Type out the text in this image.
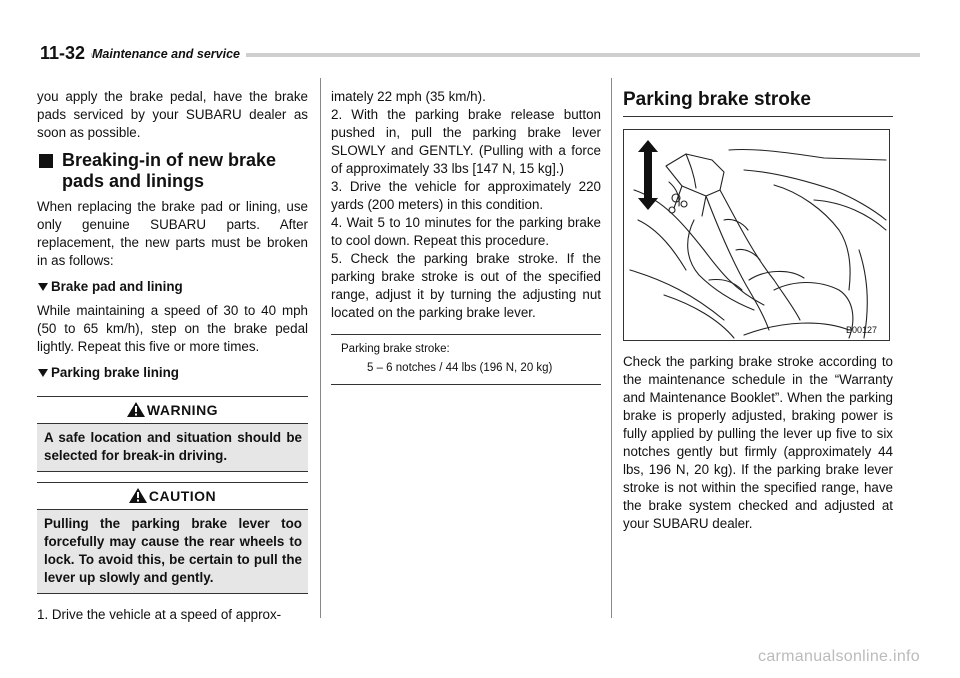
11-32 Maintenance and service

you apply the brake pedal, have the brake pads serviced by your SUBARU dealer as soon as possible.

Breaking-in of new brake pads and linings

When replacing the brake pad or lining, use only genuine SUBARU parts. After replacement, the new parts must be broken in as follows:

Brake pad and lining

While maintaining a speed of 30 to 40 mph (50 to 65 km/h), step on the brake pedal lightly. Repeat this five or more times.

Parking brake lining
WARNING
A safe location and situation should be selected for break-in driving.
CAUTION
Pulling the parking brake lever too forcefully may cause the rear wheels to lock. To avoid this, be certain to pull the lever up slowly and gently.

1. Drive the vehicle at a speed of approx-

imately 22 mph (35 km/h).

2. With the parking brake release button pushed in, pull the parking brake lever SLOWLY and GENTLY. (Pulling with a force of approximately 33 lbs [147 N, 15 kg].)

3. Drive the vehicle for approximately 220 yards (200 meters) in this condition.

4. Wait 5 to 10 minutes for the parking brake to cool down. Repeat this procedure.

5. Check the parking brake stroke. If the parking brake stroke is out of the specified range, adjust it by turning the adjusting nut located on the parking brake lever.

Parking brake stroke:
5 – 6 notches / 44 lbs (196 N, 20 kg)
Parking brake stroke
B00127

Check the parking brake stroke according to the maintenance schedule in the “Warranty and Maintenance Booklet”. When the parking brake is properly adjusted, braking power is fully applied by pulling the lever up five to six notches gently but firmly (approximately 44 lbs, 196 N, 20 kg). If the parking brake lever stroke is not within the specified range, have the brake system checked and adjusted at your SUBARU dealer.

carmanualsonline.info
